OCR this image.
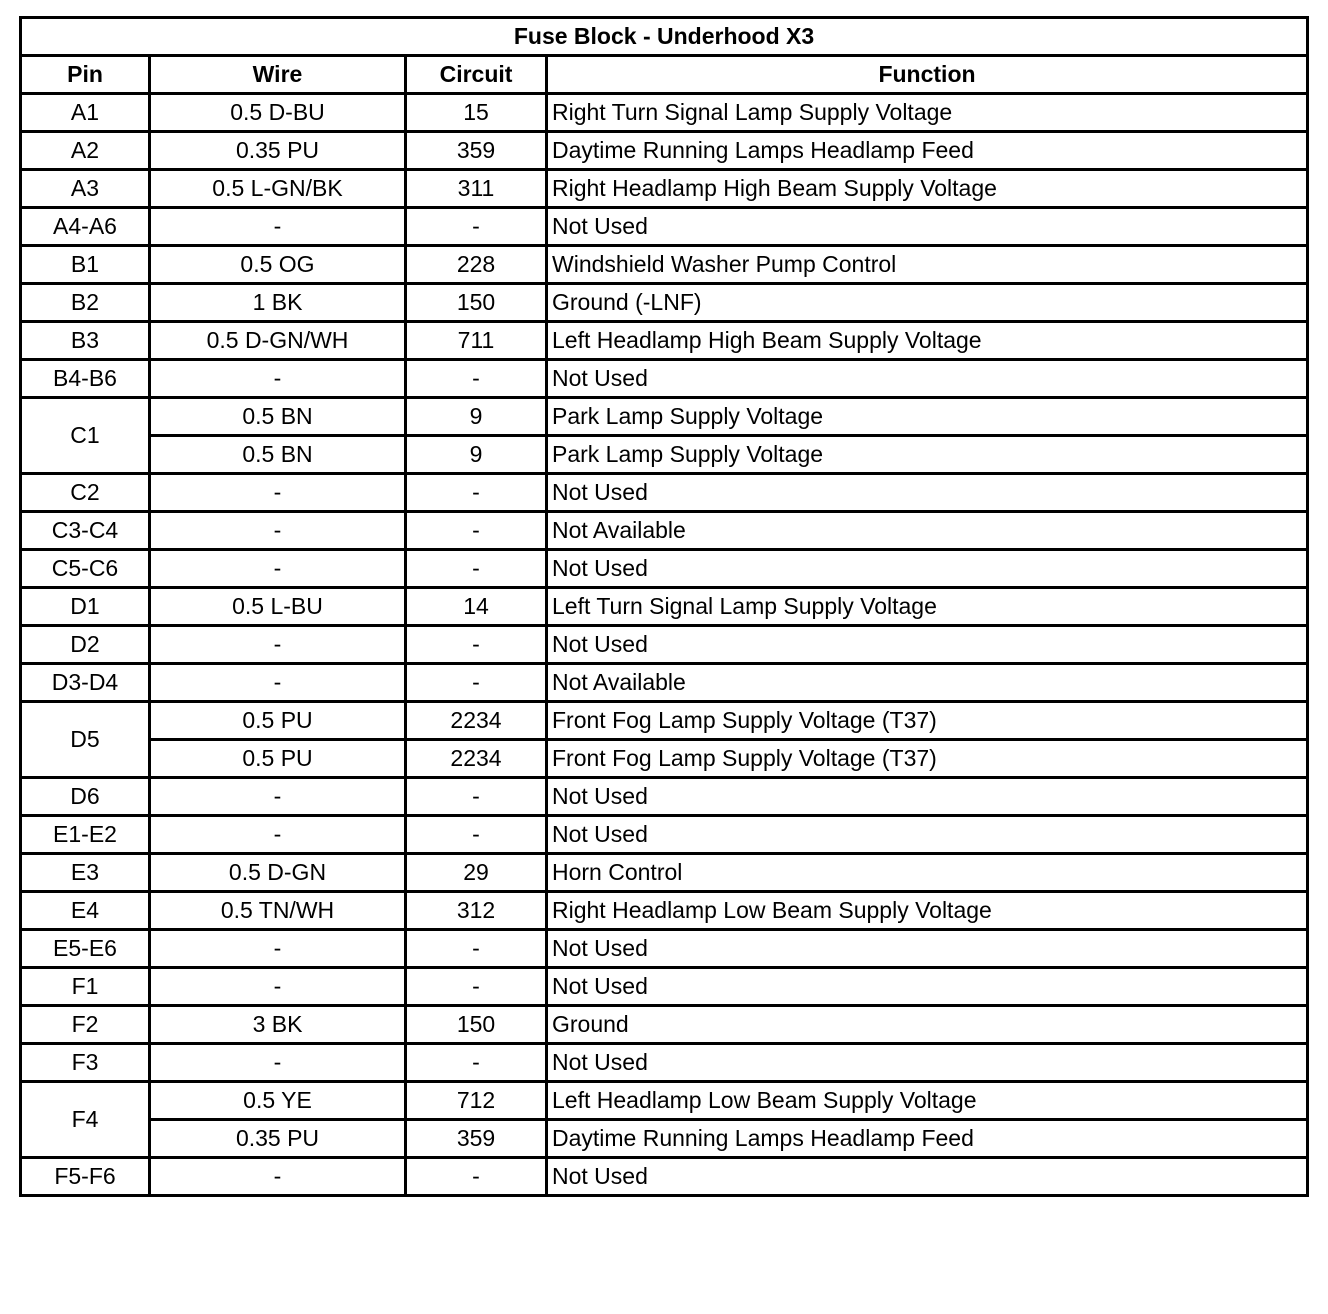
Fuse Block - Underhood X3			
Pin	Wire	Circuit	Function
A1	0.5 D-BU	15	Right Turn Signal Lamp Supply Voltage
A2	0.35 PU	359	Daytime Running Lamps Headlamp Feed
A3	0.5 L-GN/BK	311	Right Headlamp High Beam Supply Voltage
A4-A6	-	-	Not Used
B1	0.5 OG	228	Windshield Washer Pump Control
B2	1 BK	150	Ground (-LNF)
B3	0.5 D-GN/WH	711	Left Headlamp High Beam Supply Voltage
B4-B6	-	-	Not Used
C1	0.5 BN	9	Park Lamp Supply Voltage
	0.5 BN	9	Park Lamp Supply Voltage
C2	-	-	Not Used
C3-C4	-	-	Not Available
C5-C6	-	-	Not Used
D1	0.5 L-BU	14	Left Turn Signal Lamp Supply Voltage
D2	-	-	Not Used
D3-D4	-	-	Not Available
D5	0.5 PU	2234	Front Fog Lamp Supply Voltage (T37)
	0.5 PU	2234	Front Fog Lamp Supply Voltage (T37)
D6	-	-	Not Used
E1-E2	-	-	Not Used
E3	0.5 D-GN	29	Horn Control
E4	0.5 TN/WH	312	Right Headlamp Low Beam Supply Voltage
E5-E6	-	-	Not Used
F1	-	-	Not Used
F2	3 BK	150	Ground
F3	-	-	Not Used
F4	0.5 YE	712	Left Headlamp Low Beam Supply Voltage
	0.35 PU	359	Daytime Running Lamps Headlamp Feed
F5-F6	-	-	Not Used
